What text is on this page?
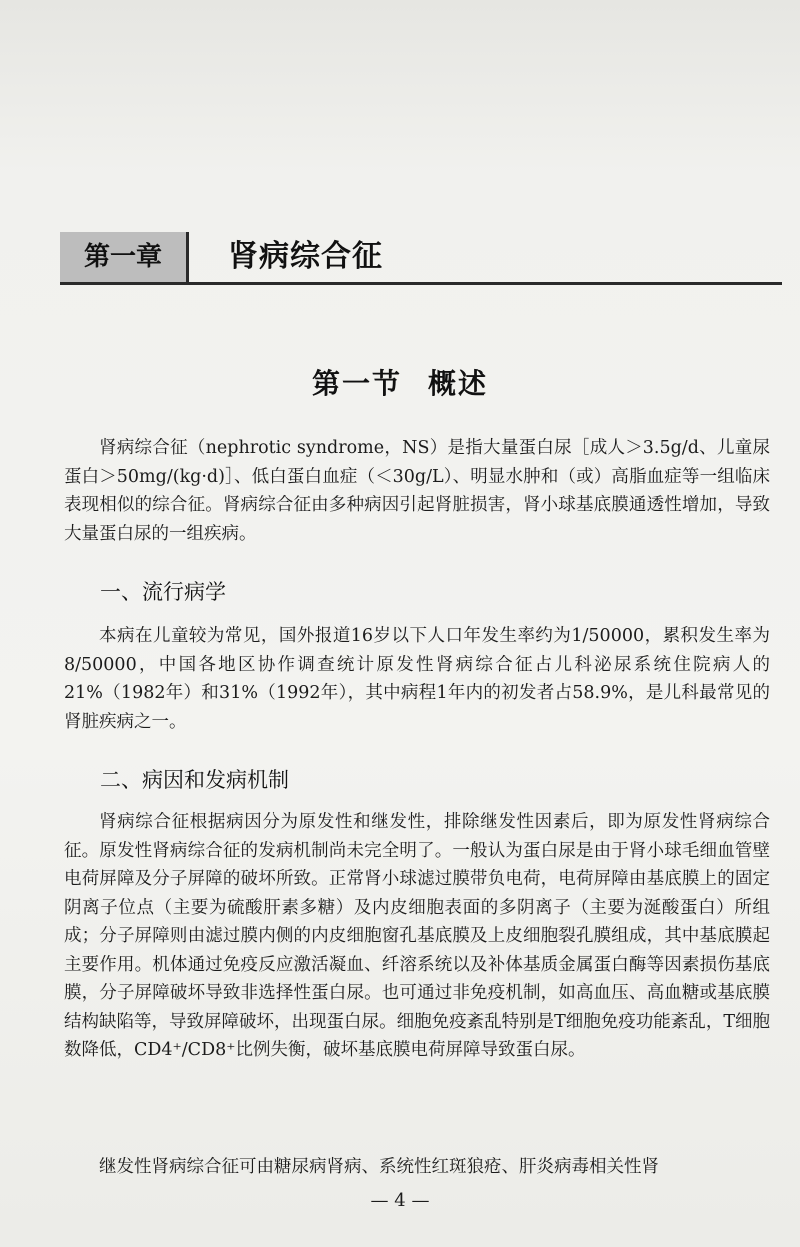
第一章	肾病综合征
第一节 概述

肾病综合征（nephrotic syndrome，NS）是指大量蛋白尿［成人＞3.5g/d、儿童尿蛋白＞50mg/(kg·d)］、低白蛋白血症（＜30g/L）、明显水肿和（或）高脂血症等一组临床表现相似的综合征。肾病综合征由多种病因引起肾脏损害，肾小球基底膜通透性增加，导致大量蛋白尿的一组疾病。

一、流行病学

本病在儿童较为常见，国外报道16岁以下人口年发生率约为1/50000，累积发生率为8/50000，中国各地区协作调查统计原发性肾病综合征占儿科泌尿系统住院病人的21%（1982年）和31%（1992年），其中病程1年内的初发者占58.9%，是儿科最常见的肾脏疾病之一。

二、病因和发病机制

肾病综合征根据病因分为原发性和继发性，排除继发性因素后，即为原发性肾病综合征。原发性肾病综合征的发病机制尚未完全明了。一般认为蛋白尿是由于肾小球毛细血管壁电荷屏障及分子屏障的破坏所致。正常肾小球滤过膜带负电荷，电荷屏障由基底膜上的固定阴离子位点（主要为硫酸肝素多糖）及内皮细胞表面的多阴离子（主要为涎酸蛋白）所组成；分子屏障则由滤过膜内侧的内皮细胞窗孔基底膜及上皮细胞裂孔膜组成，其中基底膜起主要作用。机体通过免疫反应激活凝血、纤溶系统以及补体基质金属蛋白酶等因素损伤基底膜，分子屏障破坏导致非选择性蛋白尿。也可通过非免疫机制，如高血压、高血糖或基底膜结构缺陷等，导致屏障破坏，出现蛋白尿。细胞免疫紊乱特别是T细胞免疫功能紊乱，T细胞数降低，CD4⁺/CD8⁺比例失衡，破坏基底膜电荷屏障导致蛋白尿。

继发性肾病综合征可由糖尿病肾病、系统性红斑狼疮、肝炎病毒相关性肾

— 4 —
